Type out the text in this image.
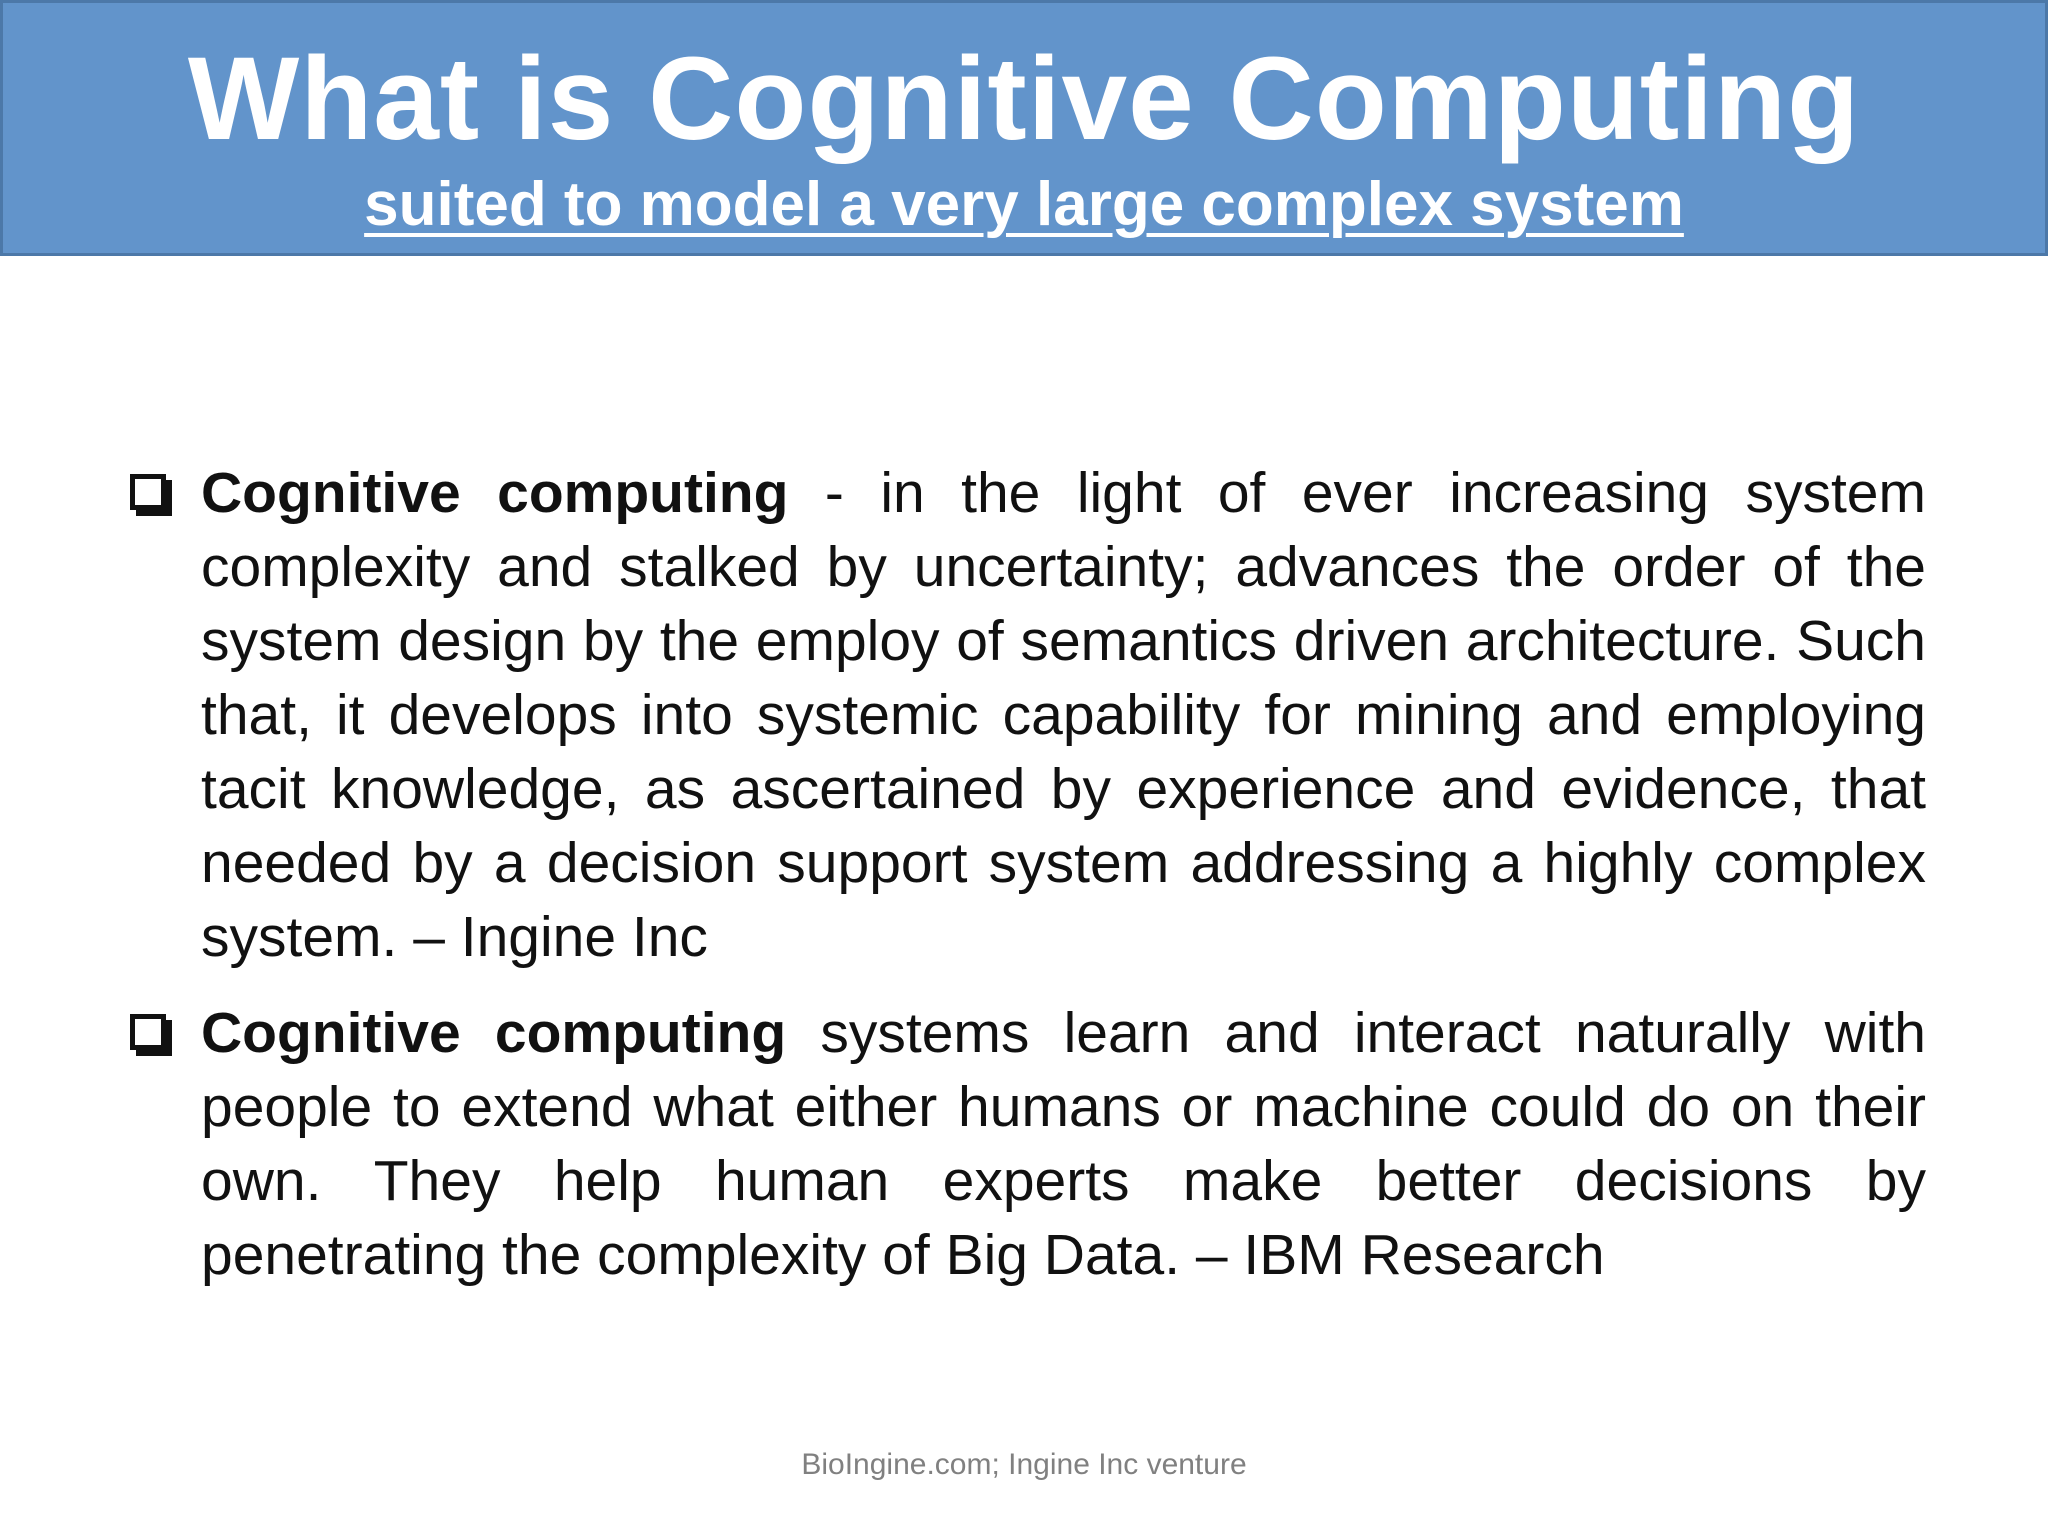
What is Cognitive Computing
suited to model a very large complex system
Cognitive computing - in the light of ever increasing system complexity and stalked by uncertainty; advances the order of the system design by the employ of semantics driven architecture. Such that, it develops into systemic capability for mining and employing tacit knowledge, as ascertained by experience and evidence, that needed by a decision support system addressing a highly complex system. – Ingine Inc
Cognitive computing systems learn and interact naturally with people to extend what either humans or machine could do on their own. They help human experts make better decisions by penetrating the complexity of Big Data. – IBM Research
BioIngine.com; Ingine Inc venture
